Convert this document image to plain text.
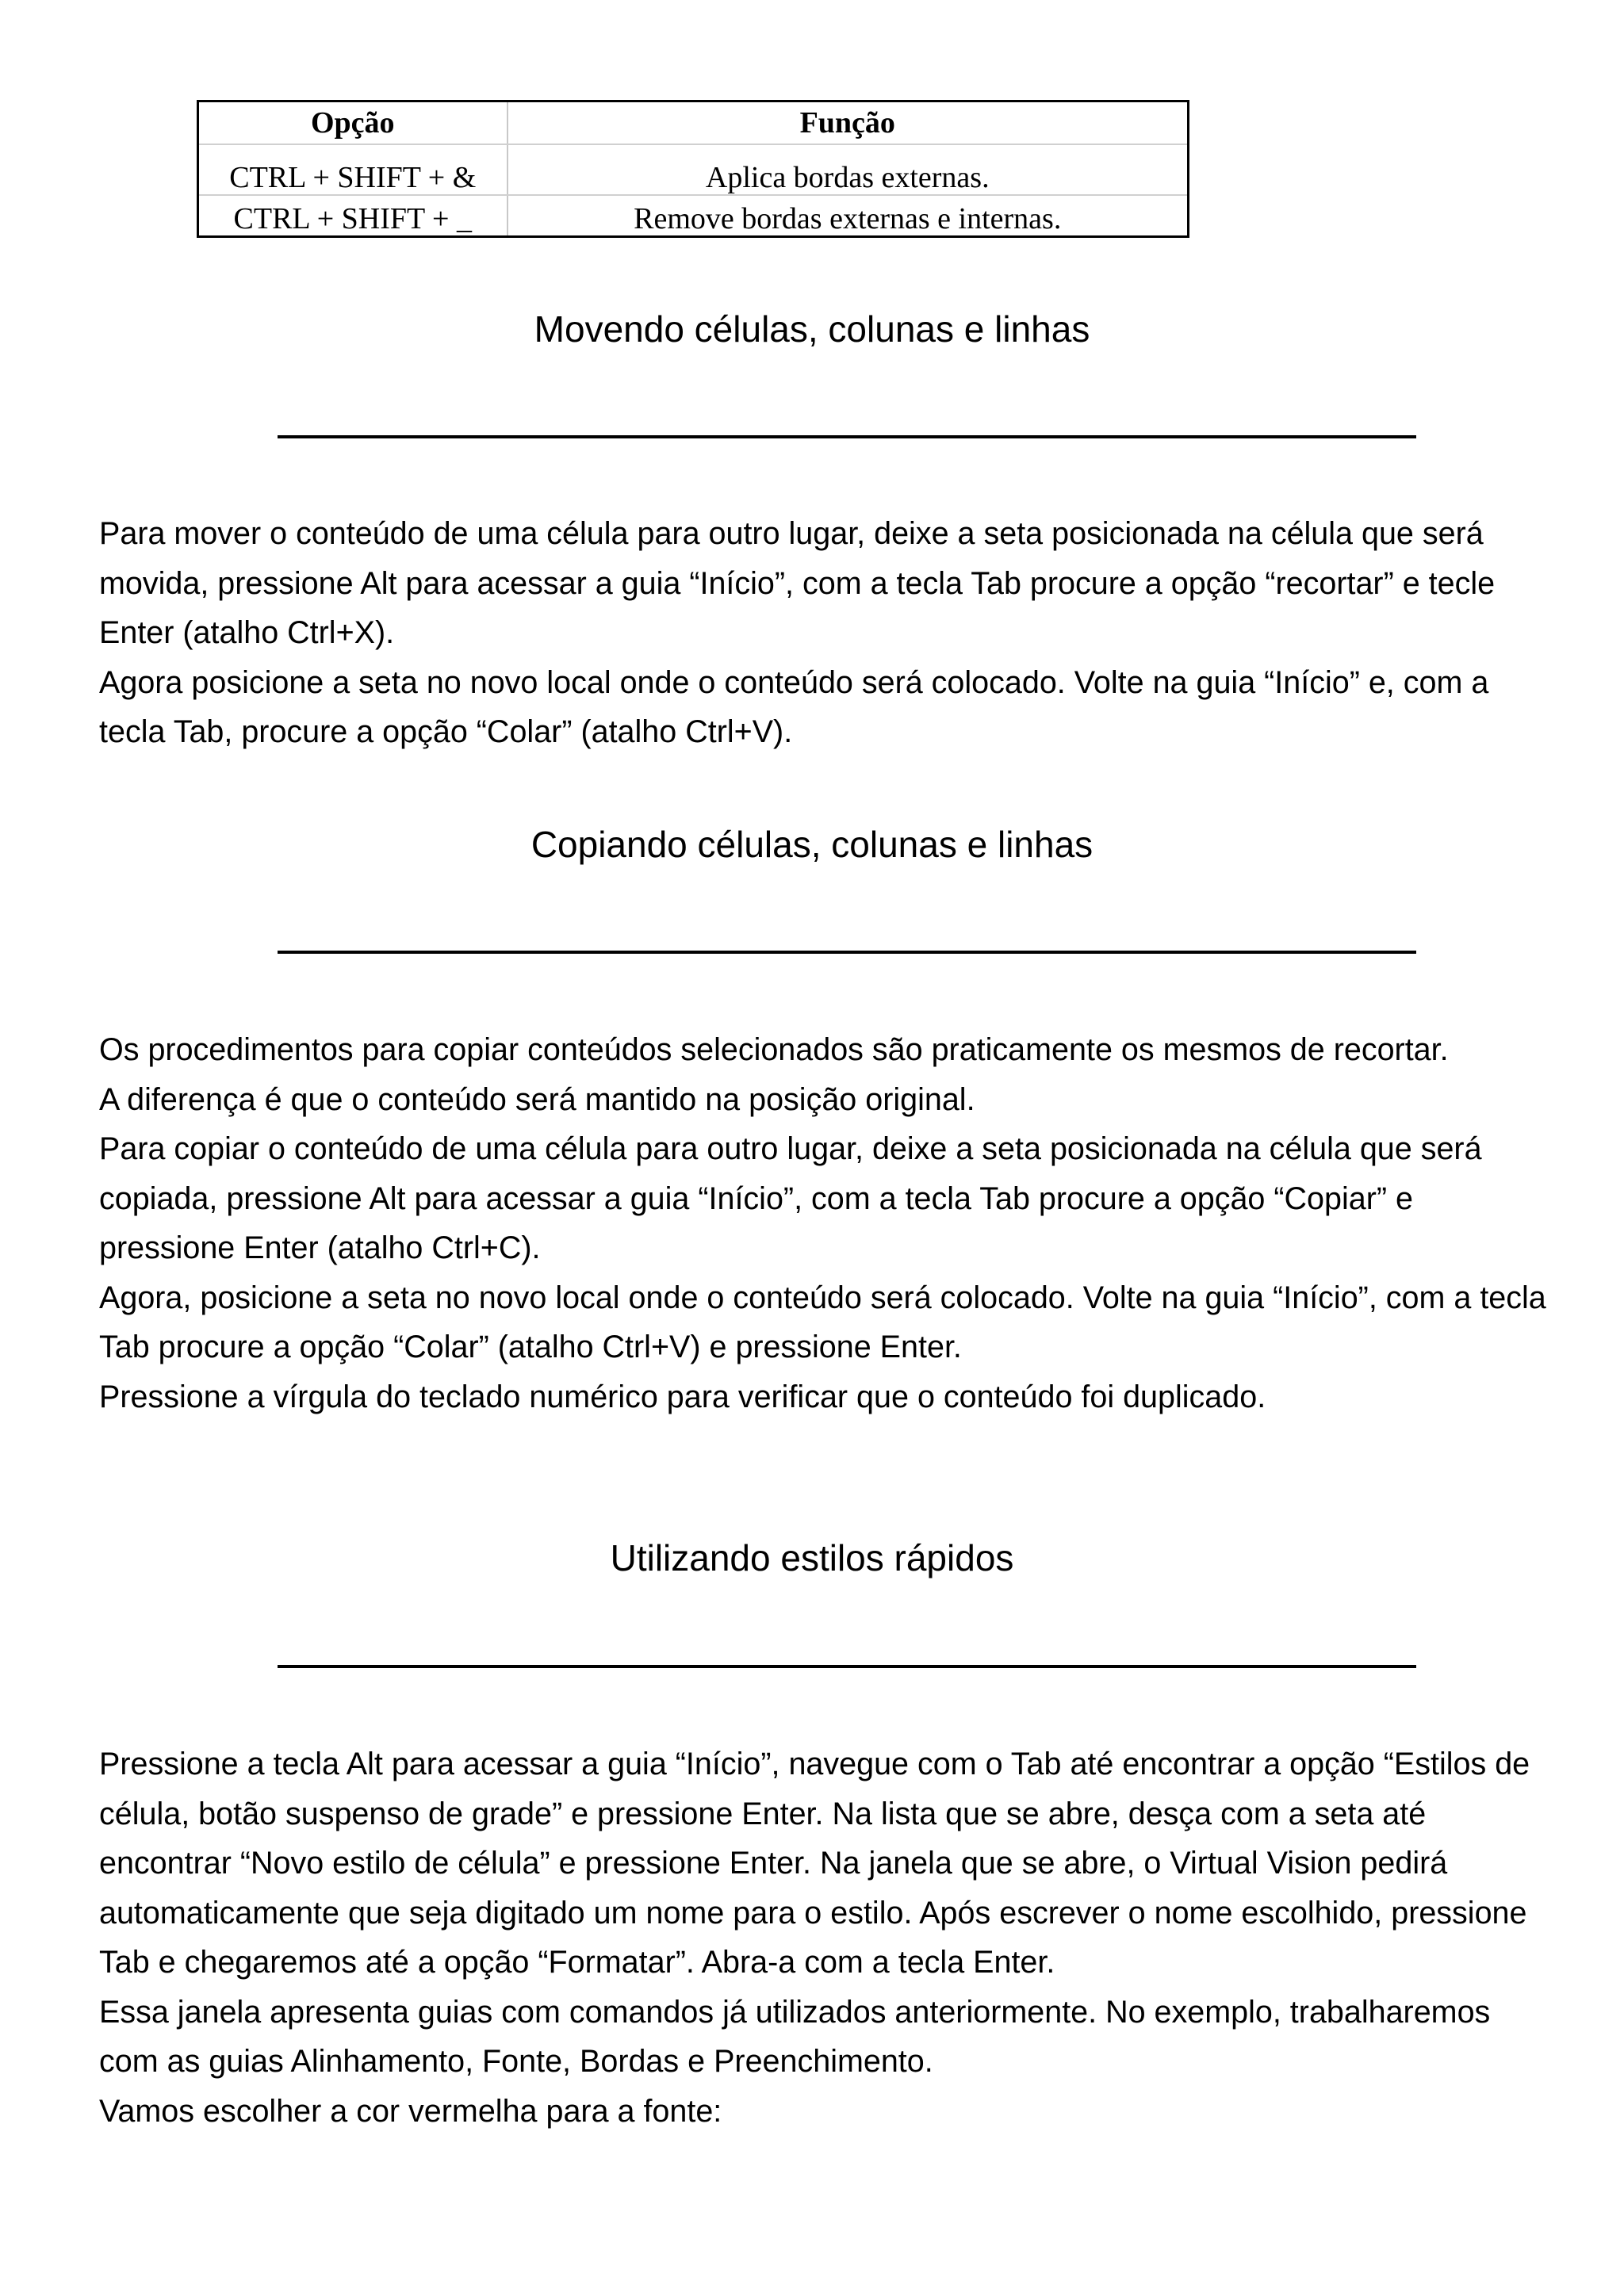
Opção	Função
CTRL + SHIFT + &	Aplica bordas externas.
CTRL + SHIFT + _	Remove bordas externas e internas.
Movendo células, colunas e linhas

Para mover o conteúdo de uma célula para outro lugar, deixe a seta posicionada na célula que será movida, pressione Alt para acessar a guia “Início”, com a tecla Tab procure a opção “recortar” e tecle Enter (atalho Ctrl+X).

Agora posicione a seta no novo local onde o conteúdo será colocado. Volte na guia “Início” e, com a tecla Tab, procure a opção “Colar” (atalho Ctrl+V).

Copiando células, colunas e linhas

Os procedimentos para copiar conteúdos selecionados são praticamente os mesmos de recortar.

A diferença é que o conteúdo será mantido na posição original.

Para copiar o conteúdo de uma célula para outro lugar, deixe a seta posicionada na célula que será copiada, pressione Alt para acessar a guia “Início”, com a tecla Tab procure a opção “Copiar” e pressione Enter (atalho Ctrl+C).

Agora, posicione a seta no novo local onde o conteúdo será colocado. Volte na guia “Início”, com a tecla Tab procure a opção “Colar” (atalho Ctrl+V) e pressione Enter.

Pressione a vírgula do teclado numérico para verificar que o conteúdo foi duplicado.

Utilizando estilos rápidos

Pressione a tecla Alt para acessar a guia “Início”, navegue com o Tab até encontrar a opção “Estilos de célula, botão suspenso de grade” e pressione Enter. Na lista que se abre, desça com a seta até encontrar “Novo estilo de célula” e pressione Enter. Na janela que se abre, o Virtual Vision pedirá automaticamente que seja digitado um nome para o estilo. Após escrever o nome escolhido, pressione Tab e chegaremos até a opção “Formatar”. Abra-a com a tecla Enter.

Essa janela apresenta guias com comandos já utilizados anteriormente. No exemplo, trabalharemos com as guias Alinhamento, Fonte, Bordas e Preenchimento.

Vamos escolher a cor vermelha para a fonte:
